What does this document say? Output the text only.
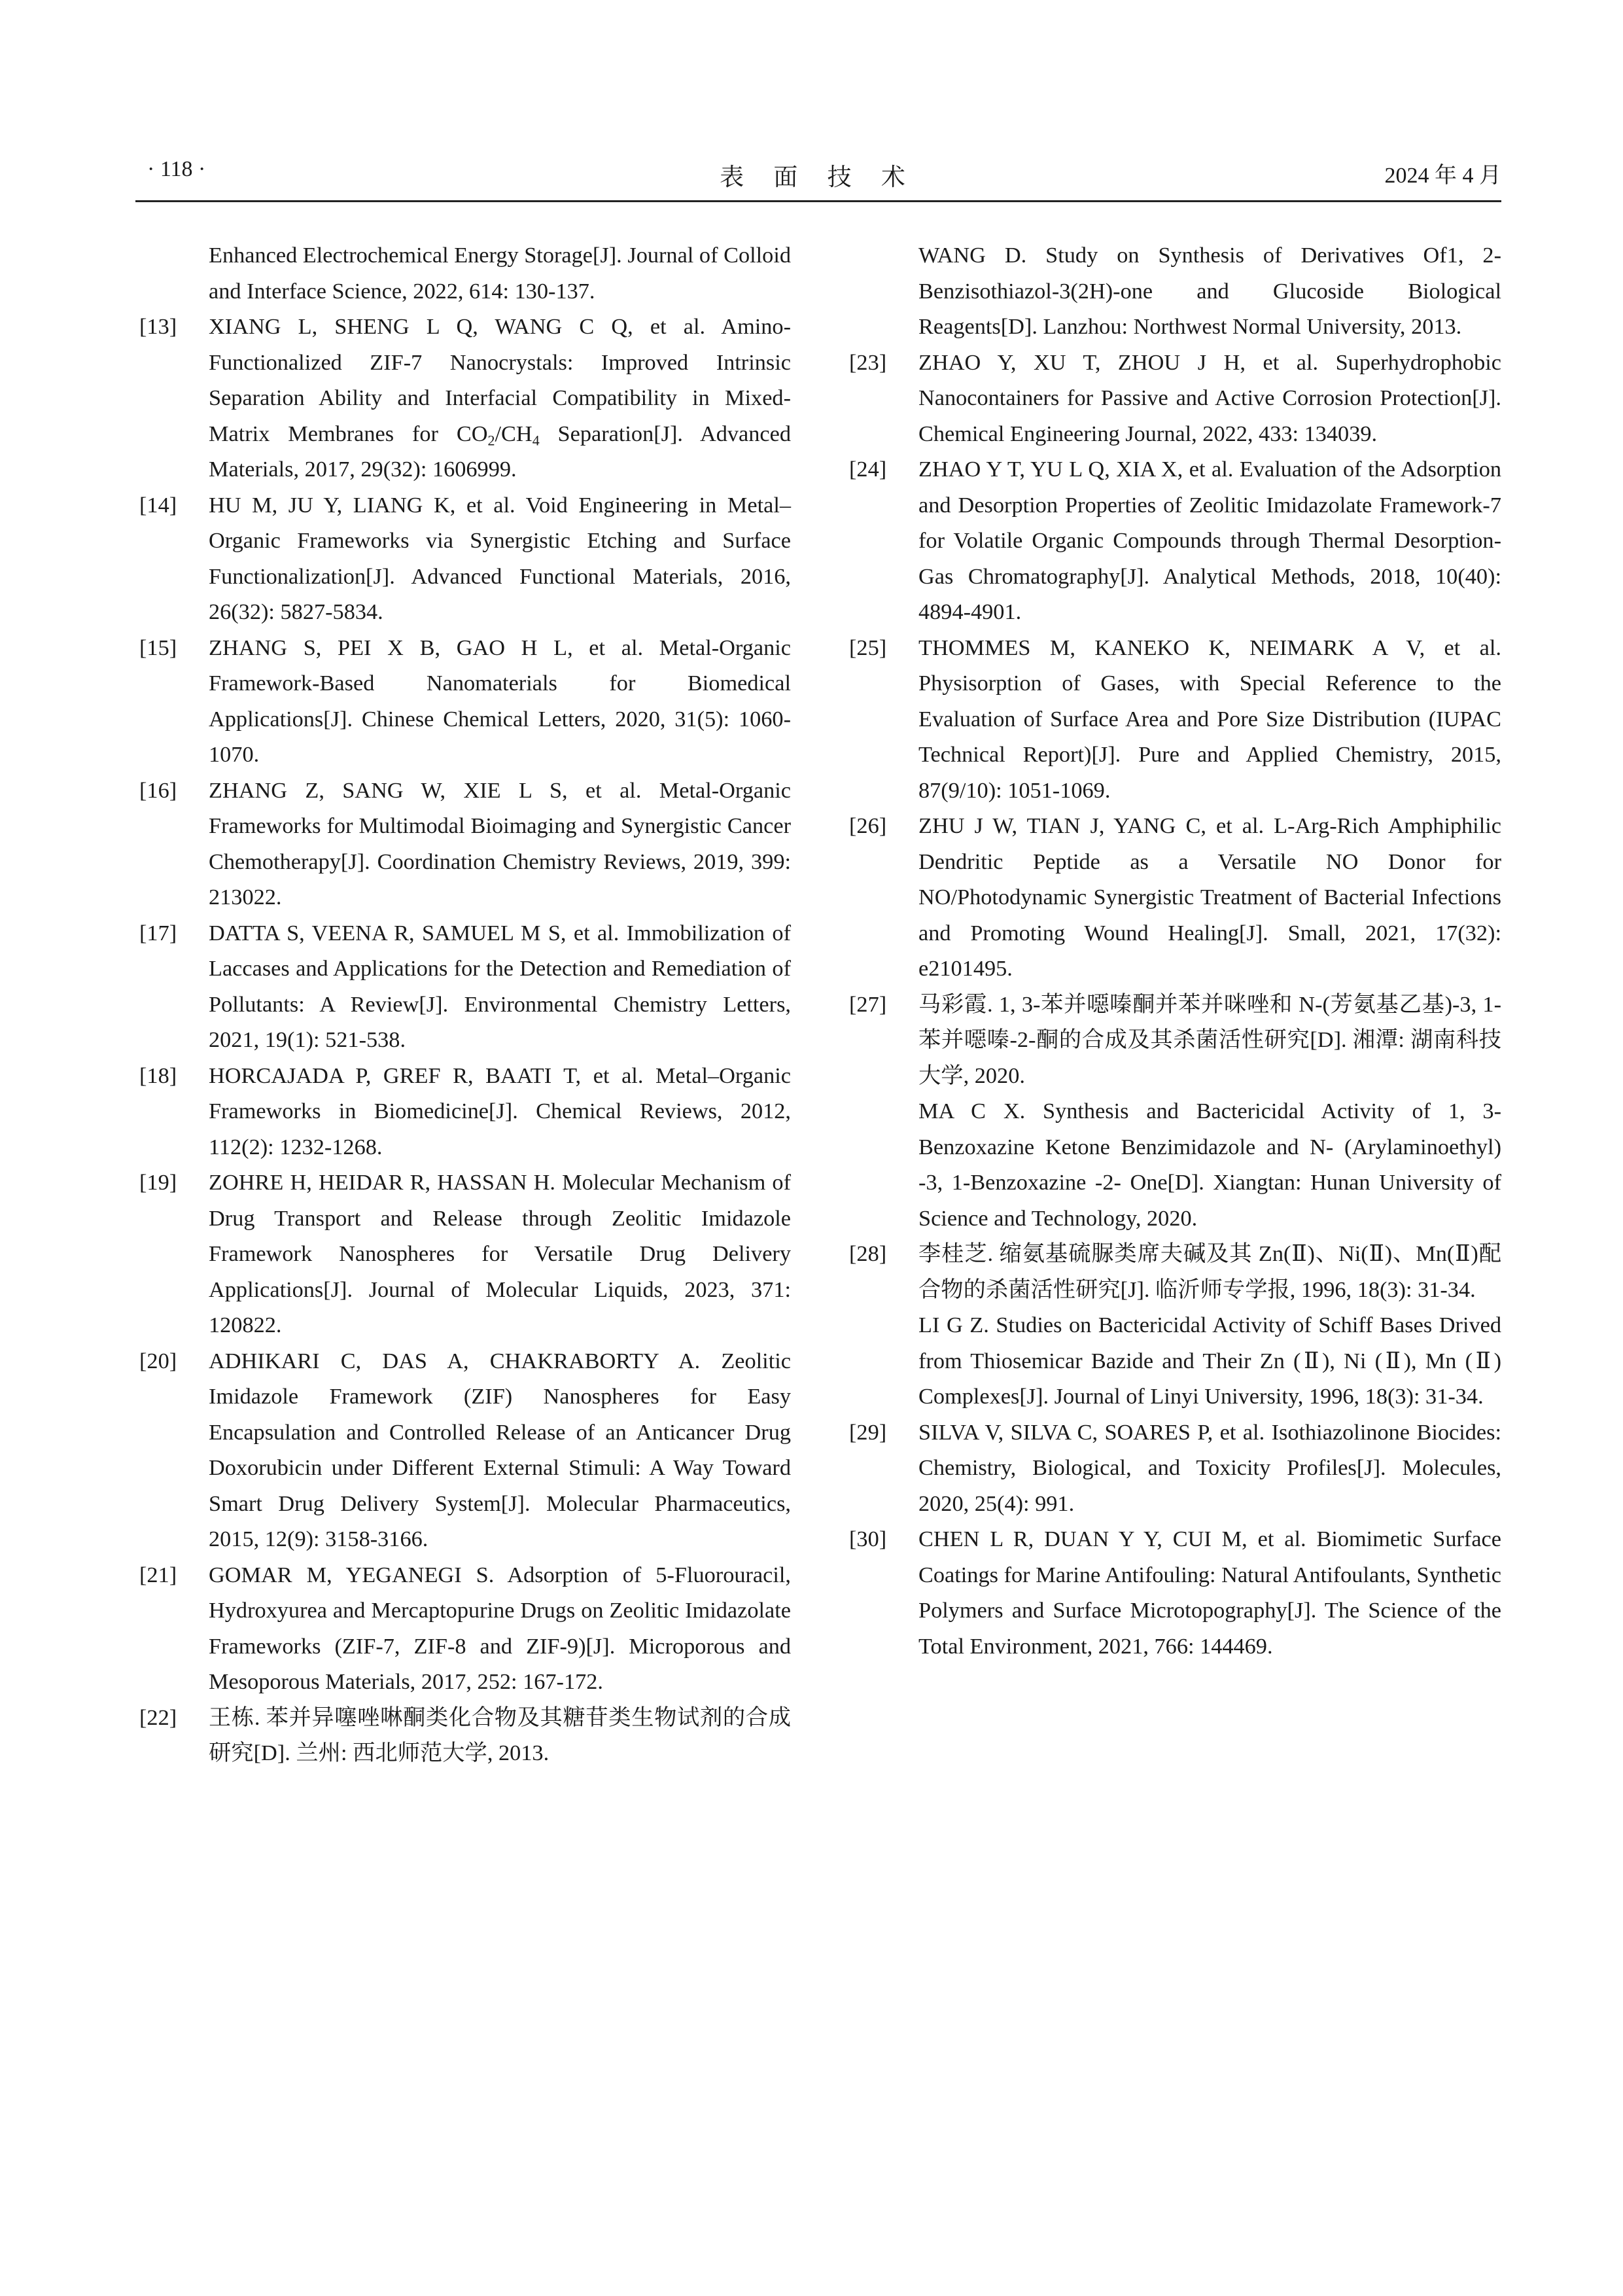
· 118 ·	表 面 技 术	2024 年 4 月
Enhanced Electrochemical Energy Storage[J]. Journal of Colloid and Interface Science, 2022, 614: 130-137.
[13] XIANG L, SHENG L Q, WANG C Q, et al. Amino-Functionalized ZIF-7 Nanocrystals: Improved Intrinsic Separation Ability and Interfacial Compatibility in Mixed-Matrix Membranes for $CO_2/CH_4$ Separation[J]. Advanced Materials, 2017, 29(32): 1606999.
[14] HU M, JU Y, LIANG K, et al. Void Engineering in Metal–Organic Frameworks via Synergistic Etching and Surface Functionalization[J]. Advanced Functional Materials, 2016, 26(32): 5827-5834.
[15] ZHANG S, PEI X B, GAO H L, et al. Metal-Organic Framework-Based Nanomaterials for Biomedical Applications[J]. Chinese Chemical Letters, 2020, 31(5): 1060-1070.
[16] ZHANG Z, SANG W, XIE L S, et al. Metal-Organic Frameworks for Multimodal Bioimaging and Synergistic Cancer Chemotherapy[J]. Coordination Chemistry Reviews, 2019, 399: 213022.
[17] DATTA S, VEENA R, SAMUEL M S, et al. Immobilization of Laccases and Applications for the Detection and Remediation of Pollutants: A Review[J]. Environmental Chemistry Letters, 2021, 19(1): 521-538.
[18] HORCAJADA P, GREF R, BAATI T, et al. Metal–Organic Frameworks in Biomedicine[J]. Chemical Reviews, 2012, 112(2): 1232-1268.
[19] ZOHRE H, HEIDAR R, HASSAN H. Molecular Mechanism of Drug Transport and Release through Zeolitic Imidazole Framework Nanospheres for Versatile Drug Delivery Applications[J]. Journal of Molecular Liquids, 2023, 371: 120822.
[20] ADHIKARI C, DAS A, CHAKRABORTY A. Zeolitic Imidazole Framework (ZIF) Nanospheres for Easy Encapsulation and Controlled Release of an Anticancer Drug Doxorubicin under Different External Stimuli: A Way Toward Smart Drug Delivery System[J]. Molecular Pharmaceutics, 2015, 12(9): 3158-3166.
[21] GOMAR M, YEGANEGI S. Adsorption of 5-Fluorouracil, Hydroxyurea and Mercaptopurine Drugs on Zeolitic Imidazolate Frameworks (ZIF-7, ZIF-8 and ZIF-9)[J]. Microporous and Mesoporous Materials, 2017, 252: 167-172.
[22] 王栋. 苯并异噻唑啉酮类化合物及其糖苷类生物试剂的合成研究[D]. 兰州: 西北师范大学, 2013.
WANG D. Study on Synthesis of Derivatives Of1, 2-Benzisothiazol-3(2H)-one and Glucoside Biological Reagents[D]. Lanzhou: Northwest Normal University, 2013.
[23] ZHAO Y, XU T, ZHOU J H, et al. Superhydrophobic Nanocontainers for Passive and Active Corrosion Protection[J]. Chemical Engineering Journal, 2022, 433: 134039.
[24] ZHAO Y T, YU L Q, XIA X, et al. Evaluation of the Adsorption and Desorption Properties of Zeolitic Imidazolate Framework-7 for Volatile Organic Compounds through Thermal Desorption-Gas Chromatography[J]. Analytical Methods, 2018, 10(40): 4894-4901.
[25] THOMMES M, KANEKO K, NEIMARK A V, et al. Physisorption of Gases, with Special Reference to the Evaluation of Surface Area and Pore Size Distribution (IUPAC Technical Report)[J]. Pure and Applied Chemistry, 2015, 87(9/10): 1051-1069.
[26] ZHU J W, TIAN J, YANG C, et al. L-Arg-Rich Amphiphilic Dendritic Peptide as a Versatile NO Donor for NO/Photodynamic Synergistic Treatment of Bacterial Infections and Promoting Wound Healing[J]. Small, 2021, 17(32): e2101495.
[27] 马彩霞. 1, 3-苯并噁嗪酮并苯并咪唑和 N-(芳氨基乙基)-3, 1-苯并噁嗪-2-酮的合成及其杀菌活性研究[D]. 湘潭: 湖南科技大学, 2020.
MA C X. Synthesis and Bactericidal Activity of 1, 3- Benzoxazine Ketone Benzimidazole and N- (Arylaminoethyl) -3, 1-Benzoxazine -2- One[D]. Xiangtan: Hunan University of Science and Technology, 2020.
[28] 李桂芝. 缩氨基硫脲类席夫碱及其 Zn(Ⅱ)、Ni(Ⅱ)、Mn(Ⅱ)配合物的杀菌活性研究[J]. 临沂师专学报, 1996, 18(3): 31-34.
LI G Z. Studies on Bactericidal Activity of Schiff Bases Drived from Thiosemicar Bazide and Their Zn (Ⅱ), Ni (Ⅱ), Mn (Ⅱ) Complexes[J]. Journal of Linyi University, 1996, 18(3): 31-34.
[29] SILVA V, SILVA C, SOARES P, et al. Isothiazolinone Biocides: Chemistry, Biological, and Toxicity Profiles[J]. Molecules, 2020, 25(4): 991.
[30] CHEN L R, DUAN Y Y, CUI M, et al. Biomimetic Surface Coatings for Marine Antifouling: Natural Antifoulants, Synthetic Polymers and Surface Microtopography[J]. The Science of the Total Environment, 2021, 766: 144469.
